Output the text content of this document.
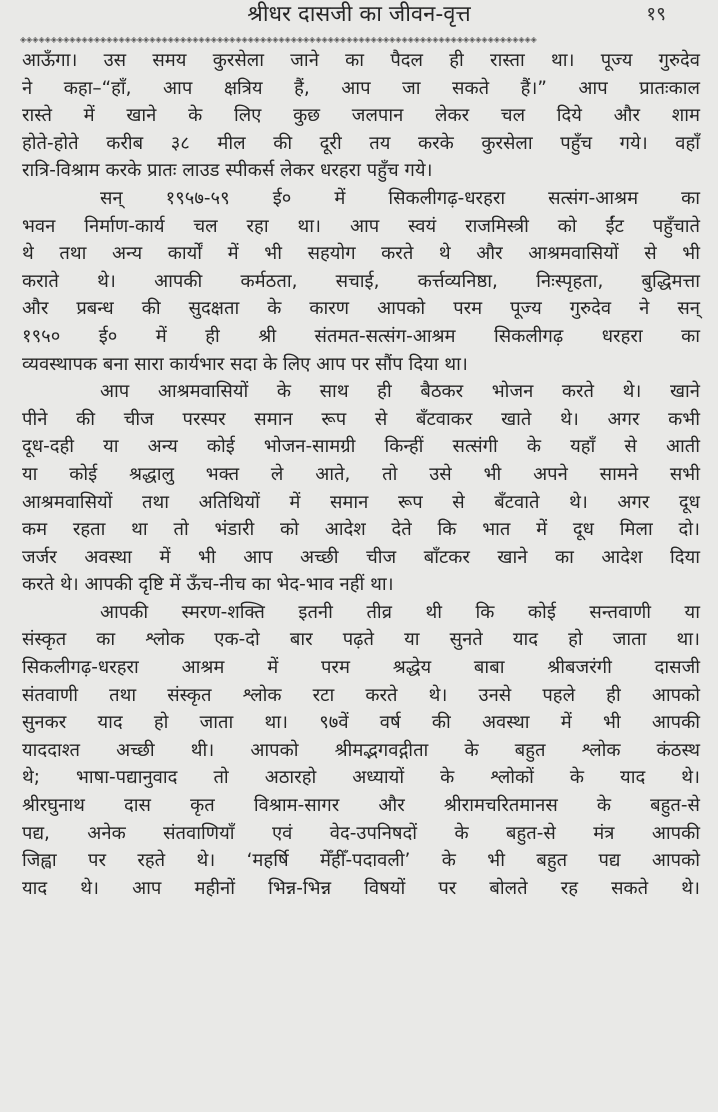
श्रीधर दासजी का जीवन-वृत्त	१९
◈◈◈◈◈◈◈◈◈◈◈◈◈◈◈◈◈◈◈◈◈◈◈◈◈◈◈◈◈◈◈◈◈◈◈◈◈◈◈◈◈◈◈◈◈◈◈◈◈◈◈◈◈◈◈◈◈◈◈◈◈◈◈◈◈◈◈◈◈◈◈◈◈◈◈◈◈◈◈◈◈◈◈◈
आऊँगा। उस समय कुरसेला जाने का पैदल ही रास्ता था। पूज्य गुरुदेव
ने कहा–“हाँ, आप क्षत्रिय हैं, आप जा सकते हैं।” आप प्रातःकाल
रास्ते में खाने के लिए कुछ जलपान लेकर चल दिये और शाम
होते-होते करीब ३८ मील की दूरी तय करके कुरसेला पहुँच गये। वहाँ
रात्रि-विश्राम करके प्रातः लाउड स्पीकर्स लेकर धरहरा पहुँच गये।
सन् १९५७-५९ ई० में सिकलीगढ़-धरहरा सत्संग-आश्रम का
भवन निर्माण-कार्य चल रहा था। आप स्वयं राजमिस्त्री को ईंट पहुँचाते
थे तथा अन्य कार्यों में भी सहयोग करते थे और आश्रमवासियों से भी
कराते थे। आपकी कर्मठता, सचाई, कर्त्तव्यनिष्ठा, निःस्पृहता, बुद्धिमत्ता
और प्रबन्ध की सुदक्षता के कारण आपको परम पूज्य गुरुदेव ने सन्
१९५० ई० में ही श्री संतमत-सत्संग-आश्रम सिकलीगढ़ धरहरा का
व्यवस्थापक बना सारा कार्यभार सदा के लिए आप पर सौंप दिया था।
आप आश्रमवासियों के साथ ही बैठकर भोजन करते थे। खाने
पीने की चीज परस्पर समान रूप से बँटवाकर खाते थे। अगर कभी
दूध-दही या अन्य कोई भोजन-सामग्री किन्हीं सत्संगी के यहाँ से आती
या कोई श्रद्धालु भक्त ले आते, तो उसे भी अपने सामने सभी
आश्रमवासियों तथा अतिथियों में समान रूप से बँटवाते थे। अगर दूध
कम रहता था तो भंडारी को आदेश देते कि भात में दूध मिला दो।
जर्जर अवस्था में भी आप अच्छी चीज बाँटकर खाने का आदेश दिया
करते थे। आपकी दृष्टि में ऊँच-नीच का भेद-भाव नहीं था।
आपकी स्मरण-शक्ति इतनी तीव्र थी कि कोई सन्तवाणी या
संस्कृत का श्लोक एक-दो बार पढ़ते या सुनते याद हो जाता था।
सिकलीगढ़-धरहरा आश्रम में परम श्रद्धेय बाबा श्रीबजरंगी दासजी
संतवाणी तथा संस्कृत श्लोक रटा करते थे। उनसे पहले ही आपको
सुनकर याद हो जाता था। ९७वें वर्ष की अवस्था में भी आपकी
याददाश्त अच्छी थी। आपको श्रीमद्भगवद्गीता के बहुत श्लोक कंठस्थ
थे; भाषा-पद्यानुवाद तो अठारहो अध्यायों के श्लोकों के याद थे।
श्रीरघुनाथ दास कृत विश्राम-सागर और श्रीरामचरितमानस के बहुत-से
पद्य, अनेक संतवाणियाँ एवं वेद-उपनिषदों के बहुत-से मंत्र आपकी
जिह्वा पर रहते थे। ‘महर्षि मेँहीँ-पदावली’ के भी बहुत पद्य आपको
याद थे। आप महीनों भिन्न-भिन्न विषयों पर बोलते रह सकते थे।
